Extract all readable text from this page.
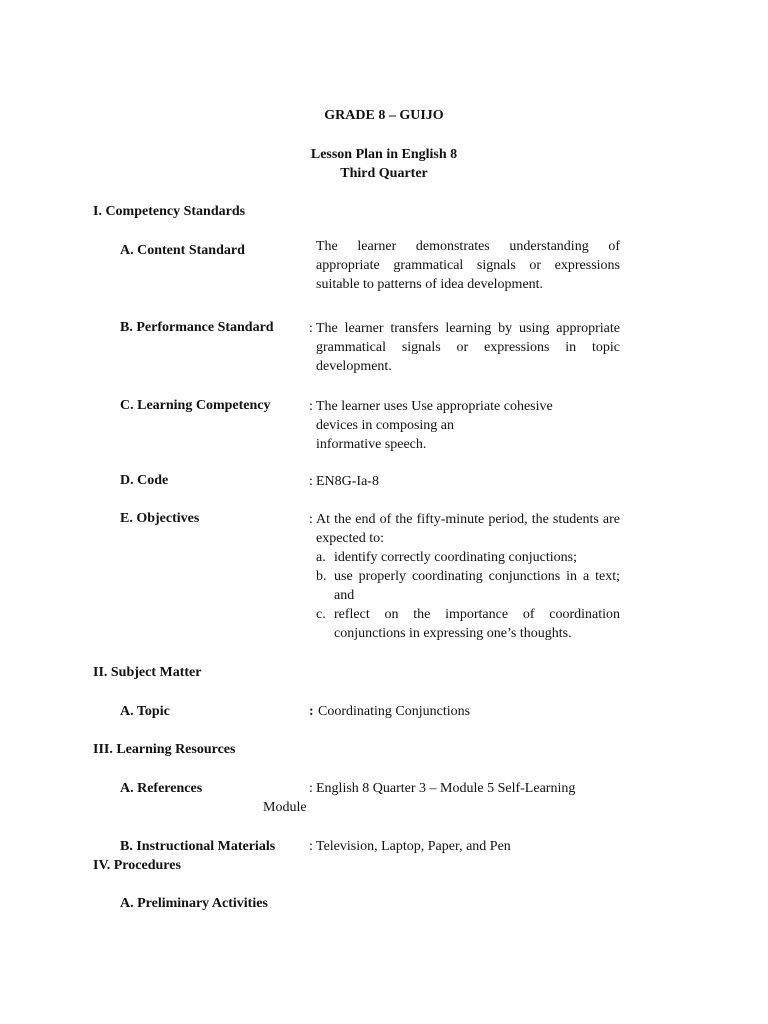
GRADE 8 – GUIJO
Lesson Plan in English 8
Third Quarter
I. Competency Standards
A. Content Standard	The learner demonstrates understanding of appropriate grammatical signals or expressions suitable to patterns of idea development.
B. Performance Standard	: The learner transfers learning by using appropriate grammatical signals or expressions in topic development.
C. Learning Competency	: The learner uses Use appropriate cohesive
devices in composing an
informative speech.
D. Code	: EN8G-Ia-8
E. Objectives	: At the end of the fifty-minute period, the students are expected to:
a. identify correctly coordinating conjuctions;
b. use properly coordinating conjunctions in a text; and
c. reflect on the importance of coordination conjunctions in expressing one’s thoughts.
II. Subject Matter
A. Topic	: Coordinating Conjunctions
III. Learning Resources
A. References	: English 8 Quarter 3 – Module 5 Self-Learning
Module
B. Instructional Materials : Television, Laptop, Paper, and Pen
IV. Procedures
A. Preliminary Activities
